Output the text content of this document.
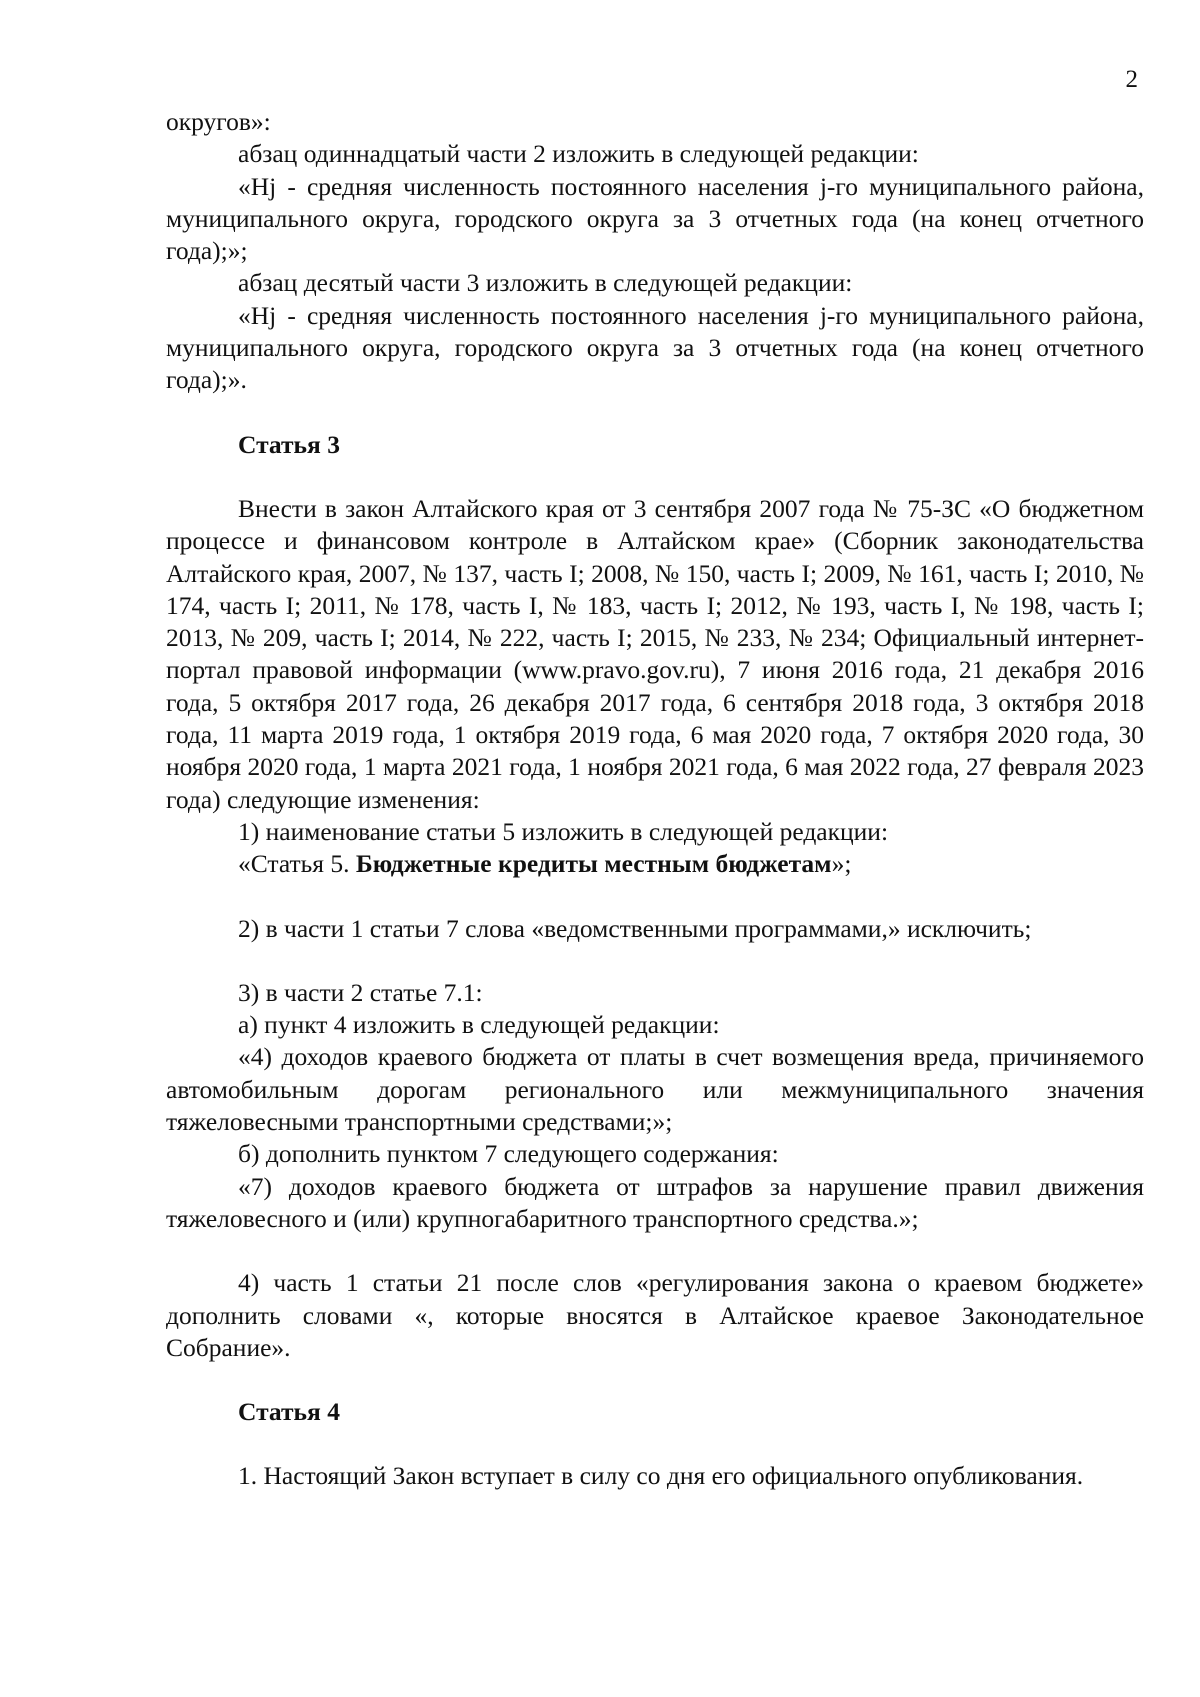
2

округов»:

абзац одиннадцатый части 2 изложить в следующей редакции:

«Hj - средняя численность постоянного населения j-го муниципального района, муниципального округа, городского округа за 3 отчетных года (на конец отчетного года);»;

абзац десятый части 3 изложить в следующей редакции:

«Hj - средняя численность постоянного населения j-го муниципального района, муниципального округа, городского округа за 3 отчетных года (на конец отчетного года);».

Статья 3

Внести в закон Алтайского края от 3 сентября 2007 года № 75-ЗС «О бюджетном процессе и финансовом контроле в Алтайском крае» (Сборник законодательства Алтайского края, 2007, № 137, часть I; 2008, № 150, часть I; 2009, № 161, часть I; 2010, № 174, часть I; 2011, № 178, часть I, № 183, часть I; 2012, № 193, часть I, № 198, часть I; 2013, № 209, часть I; 2014, № 222, часть I; 2015, № 233, № 234; Официальный интернет-портал правовой информации (www.pravo.gov.ru), 7 июня 2016 года, 21 декабря 2016 года, 5 октября 2017 года, 26 декабря 2017 года, 6 сентября 2018 года, 3 октября 2018 года, 11 марта 2019 года, 1 октября 2019 года, 6 мая 2020 года, 7 октября 2020 года, 30 ноября 2020 года, 1 марта 2021 года, 1 ноября 2021 года, 6 мая 2022 года, 27 февраля 2023 года) следующие изменения:

1) наименование статьи 5 изложить в следующей редакции:

«Статья 5. Бюджетные кредиты местным бюджетам»;

2) в части 1 статьи 7 слова «ведомственными программами,» исключить;

3) в части 2 статье 7.1:

а) пункт 4 изложить в следующей редакции:

«4) доходов краевого бюджета от платы в счет возмещения вреда, причиняемого автомобильным дорогам регионального или межмуниципального значения тяжеловесными транспортными средствами;»;

б) дополнить пунктом 7 следующего содержания:

«7) доходов краевого бюджета от штрафов за нарушение правил движения тяжеловесного и (или) крупногабаритного транспортного средства.»;

4) часть 1 статьи 21 после слов «регулирования закона о краевом бюджете» дополнить словами «, которые вносятся в Алтайское краевое Законодательное Собрание».

Статья 4

1. Настоящий Закон вступает в силу со дня его официального опубликования.
